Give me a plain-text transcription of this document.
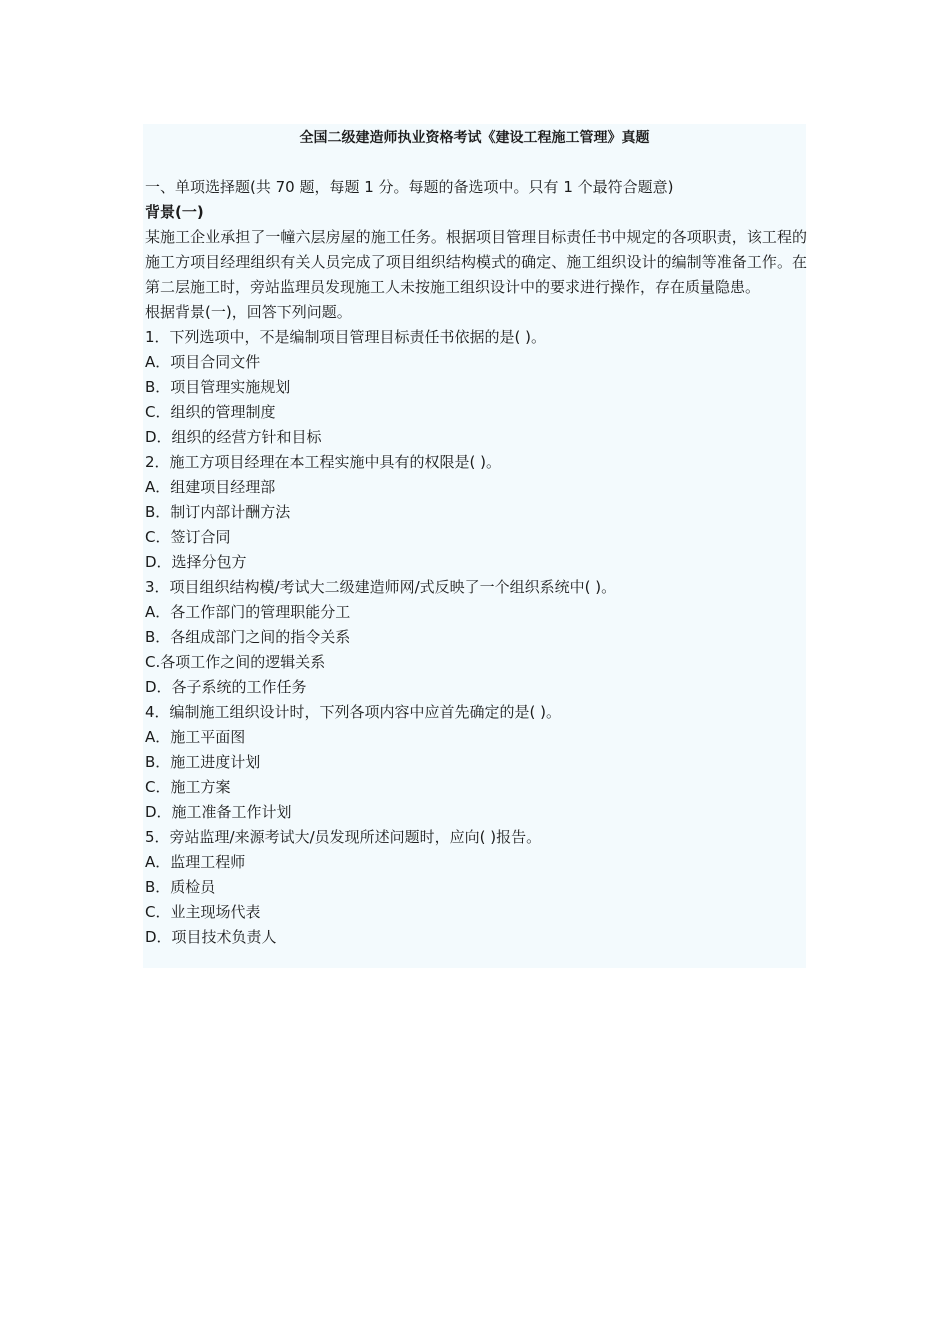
全国二级建造师执业资格考试《建设工程施工管理》真题

一、单项选择题(共 70 题，每题 1 分。每题的备选项中。只有 1 个最符合题意)

背景(一)

某施工企业承担了一幢六层房屋的施工任务。根据项目管理目标责任书中规定的各项职责，该工程的施工方项目经理组织有关人员完成了项目组织结构模式的确定、施工组织设计的编制等准备工作。在第二层施工时，旁站监理员发现施工人未按施工组织设计中的要求进行操作，存在质量隐患。

根据背景(一)，回答下列问题。

1．下列选项中，不是编制项目管理目标责任书依据的是( )。

A．项目合同文件

B．项目管理实施规划

C．组织的管理制度

D．组织的经营方针和目标

2．施工方项目经理在本工程实施中具有的权限是( )。

A．组建项目经理部

B．制订内部计酬方法

C．签订合同

D．选择分包方

3．项目组织结构模/考试大二级建造师网/式反映了一个组织系统中( )。

A．各工作部门的管理职能分工

B．各组成部门之间的指令关系

C.各项工作之间的逻辑关系

D．各子系统的工作任务

4．编制施工组织设计时，下列各项内容中应首先确定的是( )。

A．施工平面图

B．施工进度计划

C．施工方案

D．施工准备工作计划

5．旁站监理/来源考试大/员发现所述问题时，应向( )报告。

A．监理工程师

B．质检员

C．业主现场代表

D．项目技术负责人
